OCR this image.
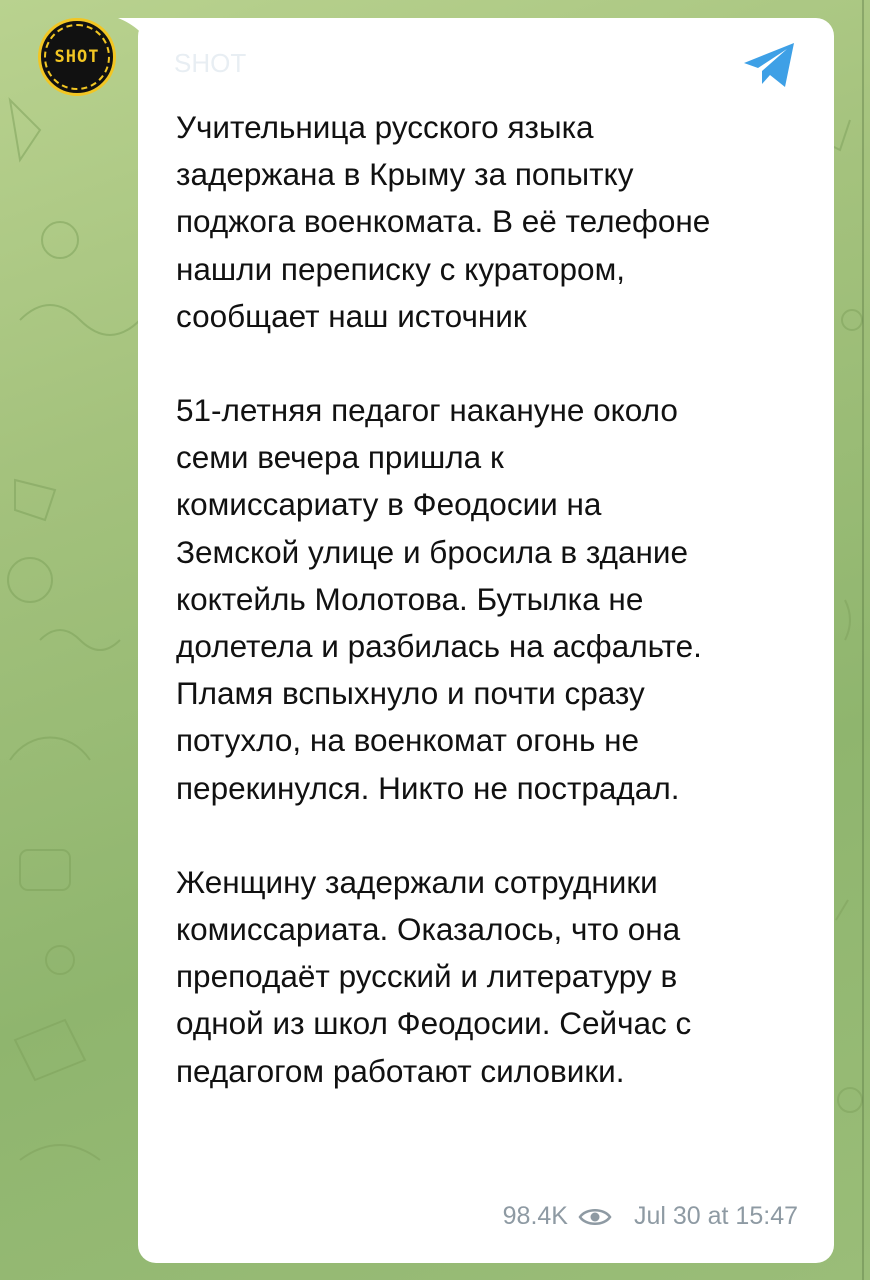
SHOT	SHOT

Учительница русского языка
задержана в Крыму за попытку
поджога военкомата. В её телефоне
нашли переписку с куратором,
сообщает наш источник

51-летняя педагог накануне около
семи вечера пришла к
комиссариату в Феодосии на
Земской улице и бросила в здание
коктейль Молотова. Бутылка не
долетела и разбилась на асфальте.
Пламя вспыхнуло и почти сразу
потухло, на военкомат огонь не
перекинулся. Никто не пострадал.

Женщину задержали сотрудники
комиссариата. Оказалось, что она
преподаёт русский и литературу в
одной из школ Феодосии. Сейчас с
педагогом работают силовики.

98.4K	Jul 30 at 15:47
